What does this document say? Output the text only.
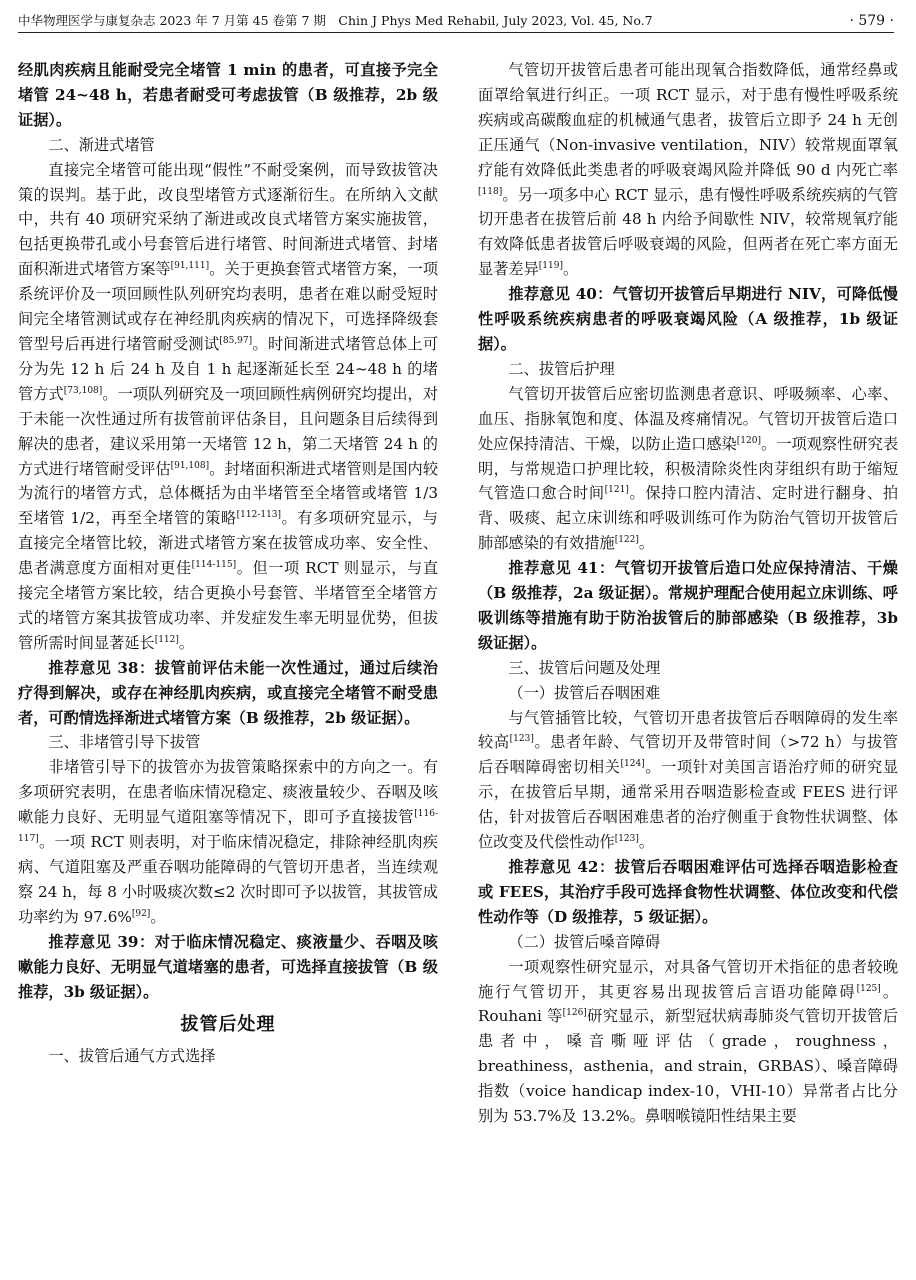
中华物理医学与康复杂志 2023 年 7 月第 45 卷第 7 期　Chin J Phys Med Rehabil, July 2023, Vol. 45, No.7	· 579 ·

经肌肉疾病且能耐受完全堵管 1 min 的患者，可直接予完全堵管 24~48 h，若患者耐受可考虑拔管（B 级推荐，2b 级证据）。

二、渐进式堵管

直接完全堵管可能出现“假性”不耐受案例，而导致拔管决策的误判。基于此，改良型堵管方式逐渐衍生。在所纳入文献中，共有 40 项研究采纳了渐进或改良式堵管方案实施拔管，包括更换带孔或小号套管后进行堵管、时间渐进式堵管、封堵面积渐进式堵管方案等[91,111]。关于更换套管式堵管方案，一项系统评价及一项回顾性队列研究均表明，患者在难以耐受短时间完全堵管测试或存在神经肌肉疾病的情况下，可选择降级套管型号后再进行堵管耐受测试[85,97]。时间渐进式堵管总体上可分为先 12 h 后 24 h 及自 1 h 起逐渐延长至 24~48 h 的堵管方式[73,108]。一项队列研究及一项回顾性病例研究均提出，对于未能一次性通过所有拔管前评估条目，且问题条目后续得到解决的患者，建议采用第一天堵管 12 h，第二天堵管 24 h 的方式进行堵管耐受评估[91,108]。封堵面积渐进式堵管则是国内较为流行的堵管方式，总体概括为由半堵管至全堵管或堵管 1/3 至堵管 1/2，再至全堵管的策略[112-113]。有多项研究显示，与直接完全堵管比较，渐进式堵管方案在拔管成功率、安全性、患者满意度方面相对更佳[114-115]。但一项 RCT 则显示，与直接完全堵管方案比较，结合更换小号套管、半堵管至全堵管方式的堵管方案其拔管成功率、并发症发生率无明显优势，但拔管所需时间显著延长[112]。

推荐意见 38：拔管前评估未能一次性通过，通过后续治疗得到解决，或存在神经肌肉疾病，或直接完全堵管不耐受患者，可酌情选择渐进式堵管方案（B 级推荐，2b 级证据）。

三、非堵管引导下拔管

非堵管引导下的拔管亦为拔管策略探索中的方向之一。有多项研究表明，在患者临床情况稳定、痰液量较少、吞咽及咳嗽能力良好、无明显气道阻塞等情况下，即可予直接拔管[116-117]。一项 RCT 则表明，对于临床情况稳定，排除神经肌肉疾病、气道阻塞及严重吞咽功能障碍的气管切开患者，当连续观察 24 h，每 8 小时吸痰次数≤2 次时即可予以拔管，其拔管成功率约为 97.6%[92]。

推荐意见 39：对于临床情况稳定、痰液量少、吞咽及咳嗽能力良好、无明显气道堵塞的患者，可选择直接拔管（B 级推荐，3b 级证据）。

拔管后处理

一、拔管后通气方式选择

气管切开拔管后患者可能出现氧合指数降低，通常经鼻或面罩给氧进行纠正。一项 RCT 显示，对于患有慢性呼吸系统疾病或高碳酸血症的机械通气患者，拔管后立即予 24 h 无创正压通气（Non-invasive ventilation，NIV）较常规面罩氧疗能有效降低此类患者的呼吸衰竭风险并降低 90 d 内死亡率[118]。另一项多中心 RCT 显示，患有慢性呼吸系统疾病的气管切开患者在拔管后前 48 h 内给予间歇性 NIV，较常规氧疗能有效降低患者拔管后呼吸衰竭的风险，但两者在死亡率方面无显著差异[119]。

推荐意见 40：气管切开拔管后早期进行 NIV，可降低慢性呼吸系统疾病患者的呼吸衰竭风险（A 级推荐，1b 级证据）。

二、拔管后护理

气管切开拔管后应密切监测患者意识、呼吸频率、心率、血压、指脉氧饱和度、体温及疼痛情况。气管切开拔管后造口处应保持清洁、干燥，以防止造口感染[120]。一项观察性研究表明，与常规造口护理比较，积极清除炎性肉芽组织有助于缩短气管造口愈合时间[121]。保持口腔内清洁、定时进行翻身、拍背、吸痰、起立床训练和呼吸训练可作为防治气管切开拔管后肺部感染的有效措施[122]。

推荐意见 41：气管切开拔管后造口处应保持清洁、干燥（B 级推荐，2a 级证据）。常规护理配合使用起立床训练、呼吸训练等措施有助于防治拔管后的肺部感染（B 级推荐，3b 级证据）。

三、拔管后问题及处理

（一）拔管后吞咽困难

与气管插管比较，气管切开患者拔管后吞咽障碍的发生率较高[123]。患者年龄、气管切开及带管时间（>72 h）与拔管后吞咽障碍密切相关[124]。一项针对美国言语治疗师的研究显示，在拔管后早期，通常采用吞咽造影检查或 FEES 进行评估，针对拔管后吞咽困难患者的治疗侧重于食物性状调整、体位改变及代偿性动作[123]。

推荐意见 42：拔管后吞咽困难评估可选择吞咽造影检查或 FEES，其治疗手段可选择食物性状调整、体位改变和代偿性动作等（D 级推荐，5 级证据）。

（二）拔管后嗓音障碍

一项观察性研究显示，对具备气管切开术指征的患者较晚施行气管切开，其更容易出现拔管后言语功能障碍[125]。Rouhani 等[126]研究显示，新型冠状病毒肺炎气管切开拔管后患者中，嗓音嘶哑评估（grade，roughness，breathiness，asthenia，and strain，GRBAS）、嗓音障碍指数（voice handicap index-10，VHI-10）异常者占比分别为 53.7%及 13.2%。鼻咽喉镜阳性结果主要
